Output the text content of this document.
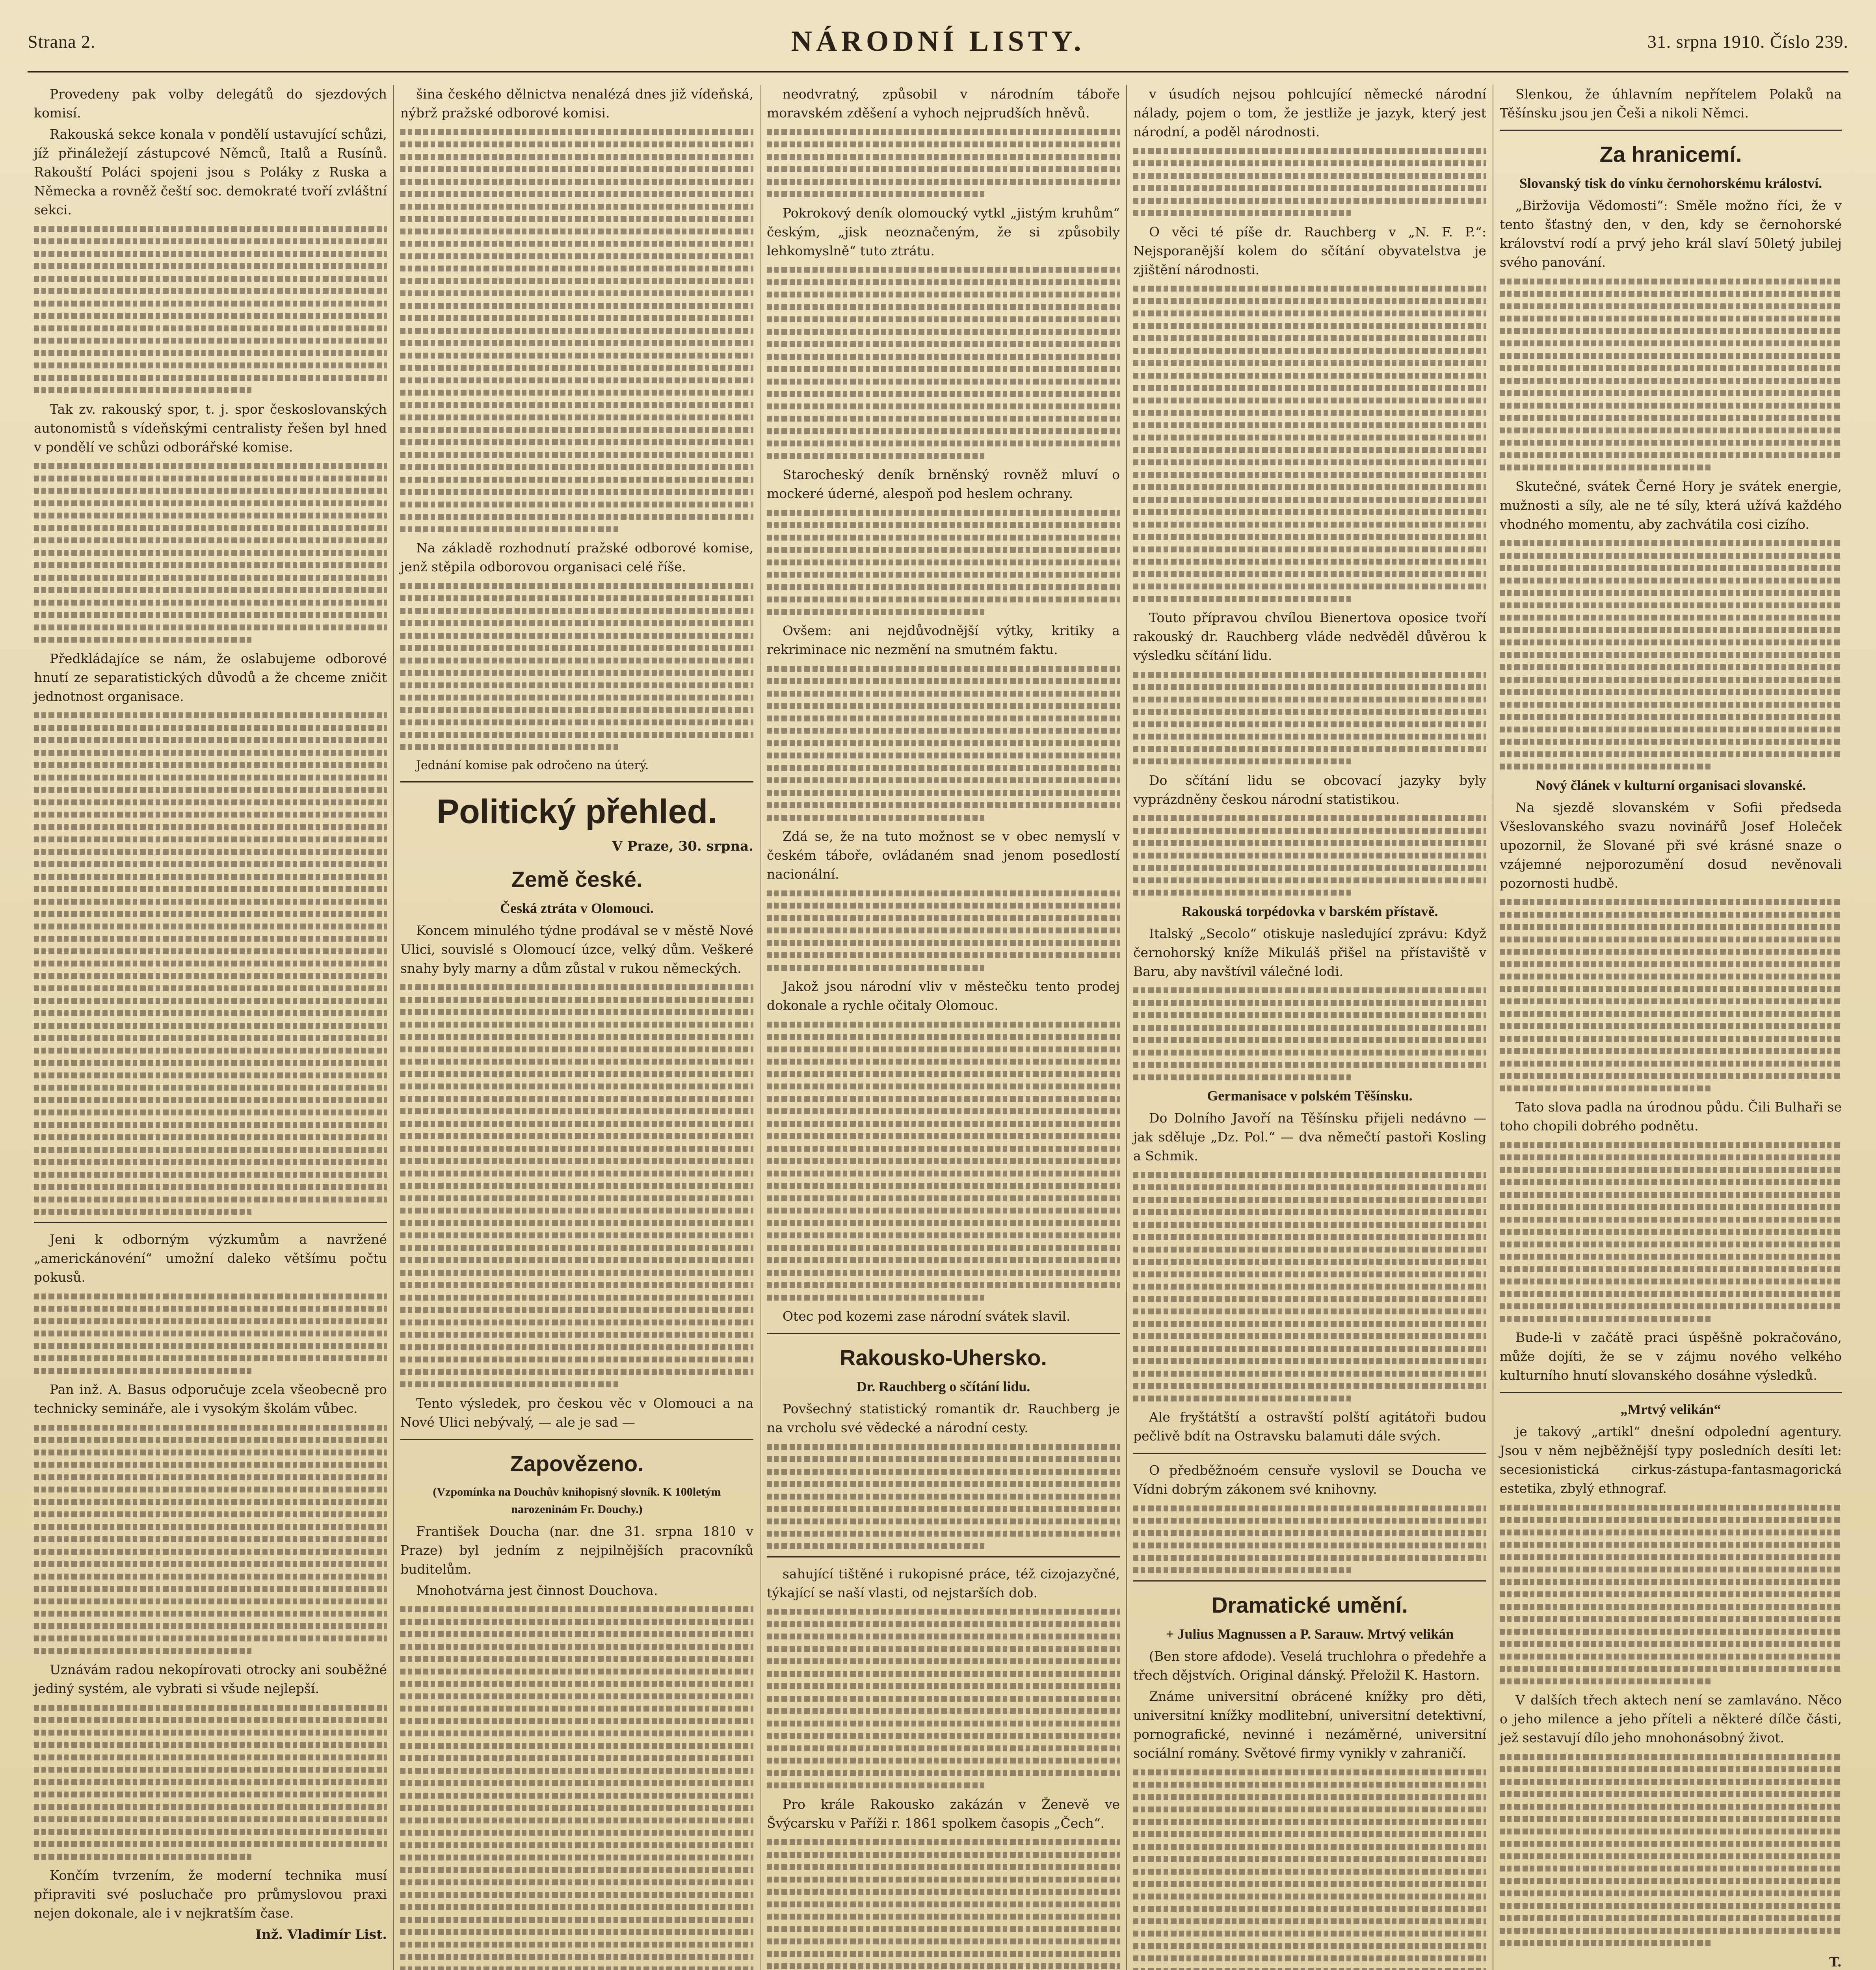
Strana 2.	NÁRODNÍ LISTY.	31. srpna 1910. Číslo 239.

Provedeny pak volby delegátů do sjezdových komisí.

Rakouská sekce konala v pondělí ustavující schůzi, jíž přináležejí zástupcové Němců, Italů a Rusínů. Rakouští Poláci spojeni jsou s Poláky z Ruska a Německa a rovněž čeští soc. demokraté tvoří zvláštní sekci.

Tak zv. rakouský spor, t. j. spor českoslovanských autonomistů s vídeňskými centralisty řešen byl hned v pondělí ve schůzi odborářské komise.

Předkládajíce se nám, že oslabujeme odborové hnutí ze separatistických důvodů a že chceme zničit jednotnost organisace.

Jeni k odborným výzkumům a navržené „americkánovéní“ umožní daleko většímu počtu pokusů.

Pan inž. A. Basus odporučuje zcela všeobecně pro technicky semináře, ale i vysokým školám vůbec.

Uznávám radou nekopírovati otrocky ani souběžné jediný systém, ale vybrati si všude nejlepší.

Končím tvrzením, že moderní technika musí připraviti své posluchače pro průmyslovou praxi nejen dokonale, ale i v nejkratším čase.

Inž. Vladimír List.

šina českého dělnictva nenalézá dnes již vídeňská, nýbrž pražské odborové komisi.

Na základě rozhodnutí pražské odborové komise, jenž stěpila odborovou organisaci celé říše.

Jednání komise pak odročeno na úterý.

Politický přehled.
V Praze, 30. srpna.
Země české.
Česká ztráta v Olomouci.

Koncem minulého týdne prodával se v městě Nové Ulici, souvislé s Olomoucí úzce, velký dům. Veškeré snahy byly marny a dům zůstal v rukou německých.

Tento výsledek, pro českou věc v Olomouci a na Nové Ulici nebývalý, — ale je sad —

Zapovězeno.
(Vzpomínka na Douchův knihopisný slovník. K 100letým narozeninám Fr. Douchy.)

František Doucha (nar. dne 31. srpna 1810 v Praze) byl jedním z nejpilnějších pracovníků buditelům.

Mnohotvárna jest činnost Douchova.

neodvratný, způsobil v národním táboře moravském zděšení a vyhoch nejprudších hněvů.

Pokrokový deník olomoucký vytkl „jistým kruhům“ českým, „jisk neoznačeným, že si způsobily lehkomyslně“ tuto ztrátu.

Starocheský deník brněnský rovněž mluví o mockeré úderné, alespoň pod heslem ochrany.

Ovšem: ani nejdůvodnější výtky, kritiky a rekriminace nic nezmění na smutném faktu.

Zdá se, že na tuto možnost se v obec nemyslí v českém táboře, ovládaném snad jenom posedlostí nacionální.

Jakož jsou národní vliv v městečku tento prodej dokonale a rychle očitaly Olomouc.

Otec pod kozemi zase národní svátek slavil.

Rakousko-Uhersko.
Dr. Rauchberg o sčítání lidu.

Povšechný statistický romantik dr. Rauchberg je na vrcholu své vědecké a národní cesty.

sahující tištěné i rukopisné práce, též cizojazyčné, týkající se naší vlasti, od nejstarších dob.

Pro krále Rakousko zakázán v Ženevě ve Švýcarsku v Paříži r. 1861 spolkem časopis „Čech“.

v úsudích nejsou pohlcující německé národní nálady, pojem o tom, že jestliže je jazyk, který jest národní, a poděl národnosti.

O věci té píše dr. Rauchberg v „N. F. P.“: Nejsporanější kolem do sčítání obyvatelstva je zjištění národnosti.

Touto přípravou chvílou Bienertova oposice tvoří rakouský dr. Rauchberg vláde nedvěděl důvěrou k výsledku sčítání lidu.

Do sčítání lidu se obcovací jazyky byly vyprázdněny českou národní statistikou.

Rakouská torpédovka v barském přístavě.

Italský „Secolo“ otiskuje nasledující zprávu: Když černohorský kníže Mikuláš přišel na přístaviště v Baru, aby navštívil válečné lodi.

Germanisace v polském Těšínsku.

Do Dolního Javoří na Těšínsku přijeli nedávno — jak sděluje „Dz. Pol.“ — dva němečtí pastoři Kosling a Schmik.

Ale fryštátští a ostravští polští agitátoři budou pečlivě bdít na Ostravsku balamuti dále svých.

O předběžnoém censuře vyslovil se Doucha ve Vídni dobrým zákonem své knihovny.

Dramatické umění.
+ Julius Magnussen a P. Sarauw. Mrtvý velikán

(Ben store afdode). Veselá truchlohra o předehře a třech dějstvích. Original dánský. Přeložil K. Hastorn.

Známe universitní obrácené knížky pro děti, universitní knížky modlitební, universitní detektivní, pornografické, nevinné i nezáměrné, universitní sociální romány. Světové firmy vynikly v zahraničí.

Slenkou, že úhlavním nepřítelem Polaků na Těšínsku jsou jen Češi a nikoli Němci.

Za hranicemí.
Slovanský tisk do vínku černohorskému králoství.

„Biržovija Vědomosti“: Směle možno říci, že v tento šťastný den, v den, kdy se černohorské království rodí a prvý jeho král slaví 50letý jubilej svého panování.

Skutečné, svátek Černé Hory je svátek energie, mužnosti a síly, ale ne té síly, která užívá každého vhodného momentu, aby zachvátila cosi cizího.

Nový článek v kulturní organisaci slovanské.

Na sjezdě slovanském v Sofii předseda Všeslovanského svazu novinářů Josef Holeček upozornil, že Slované při své krásné snaze o vzájemné nejporozumění dosud nevěnovali pozornosti hudbě.

Tato slova padla na úrodnou půdu. Čili Bulhaři se toho chopili dobrého podnětu.

Bude-li v začátě praci úspěšně pokračováno, může dojíti, že se v zájmu nového velkého kulturního hnutí slovanského dosáhne výsledků.

„Mrtvý velikán“

je takový „artikl“ dnešní odpolední agentury. Jsou v něm nejběžnější typy posledních desíti let: secesionistická cirkus-zástupa-fantasmagorická estetika, zbylý ethnograf.

V dalších třech aktech není se zamlaváno. Něco o jeho milence a jeho příteli a některé dílče části, jež sestavují dílo jeho mnohonásobný život.

T.
